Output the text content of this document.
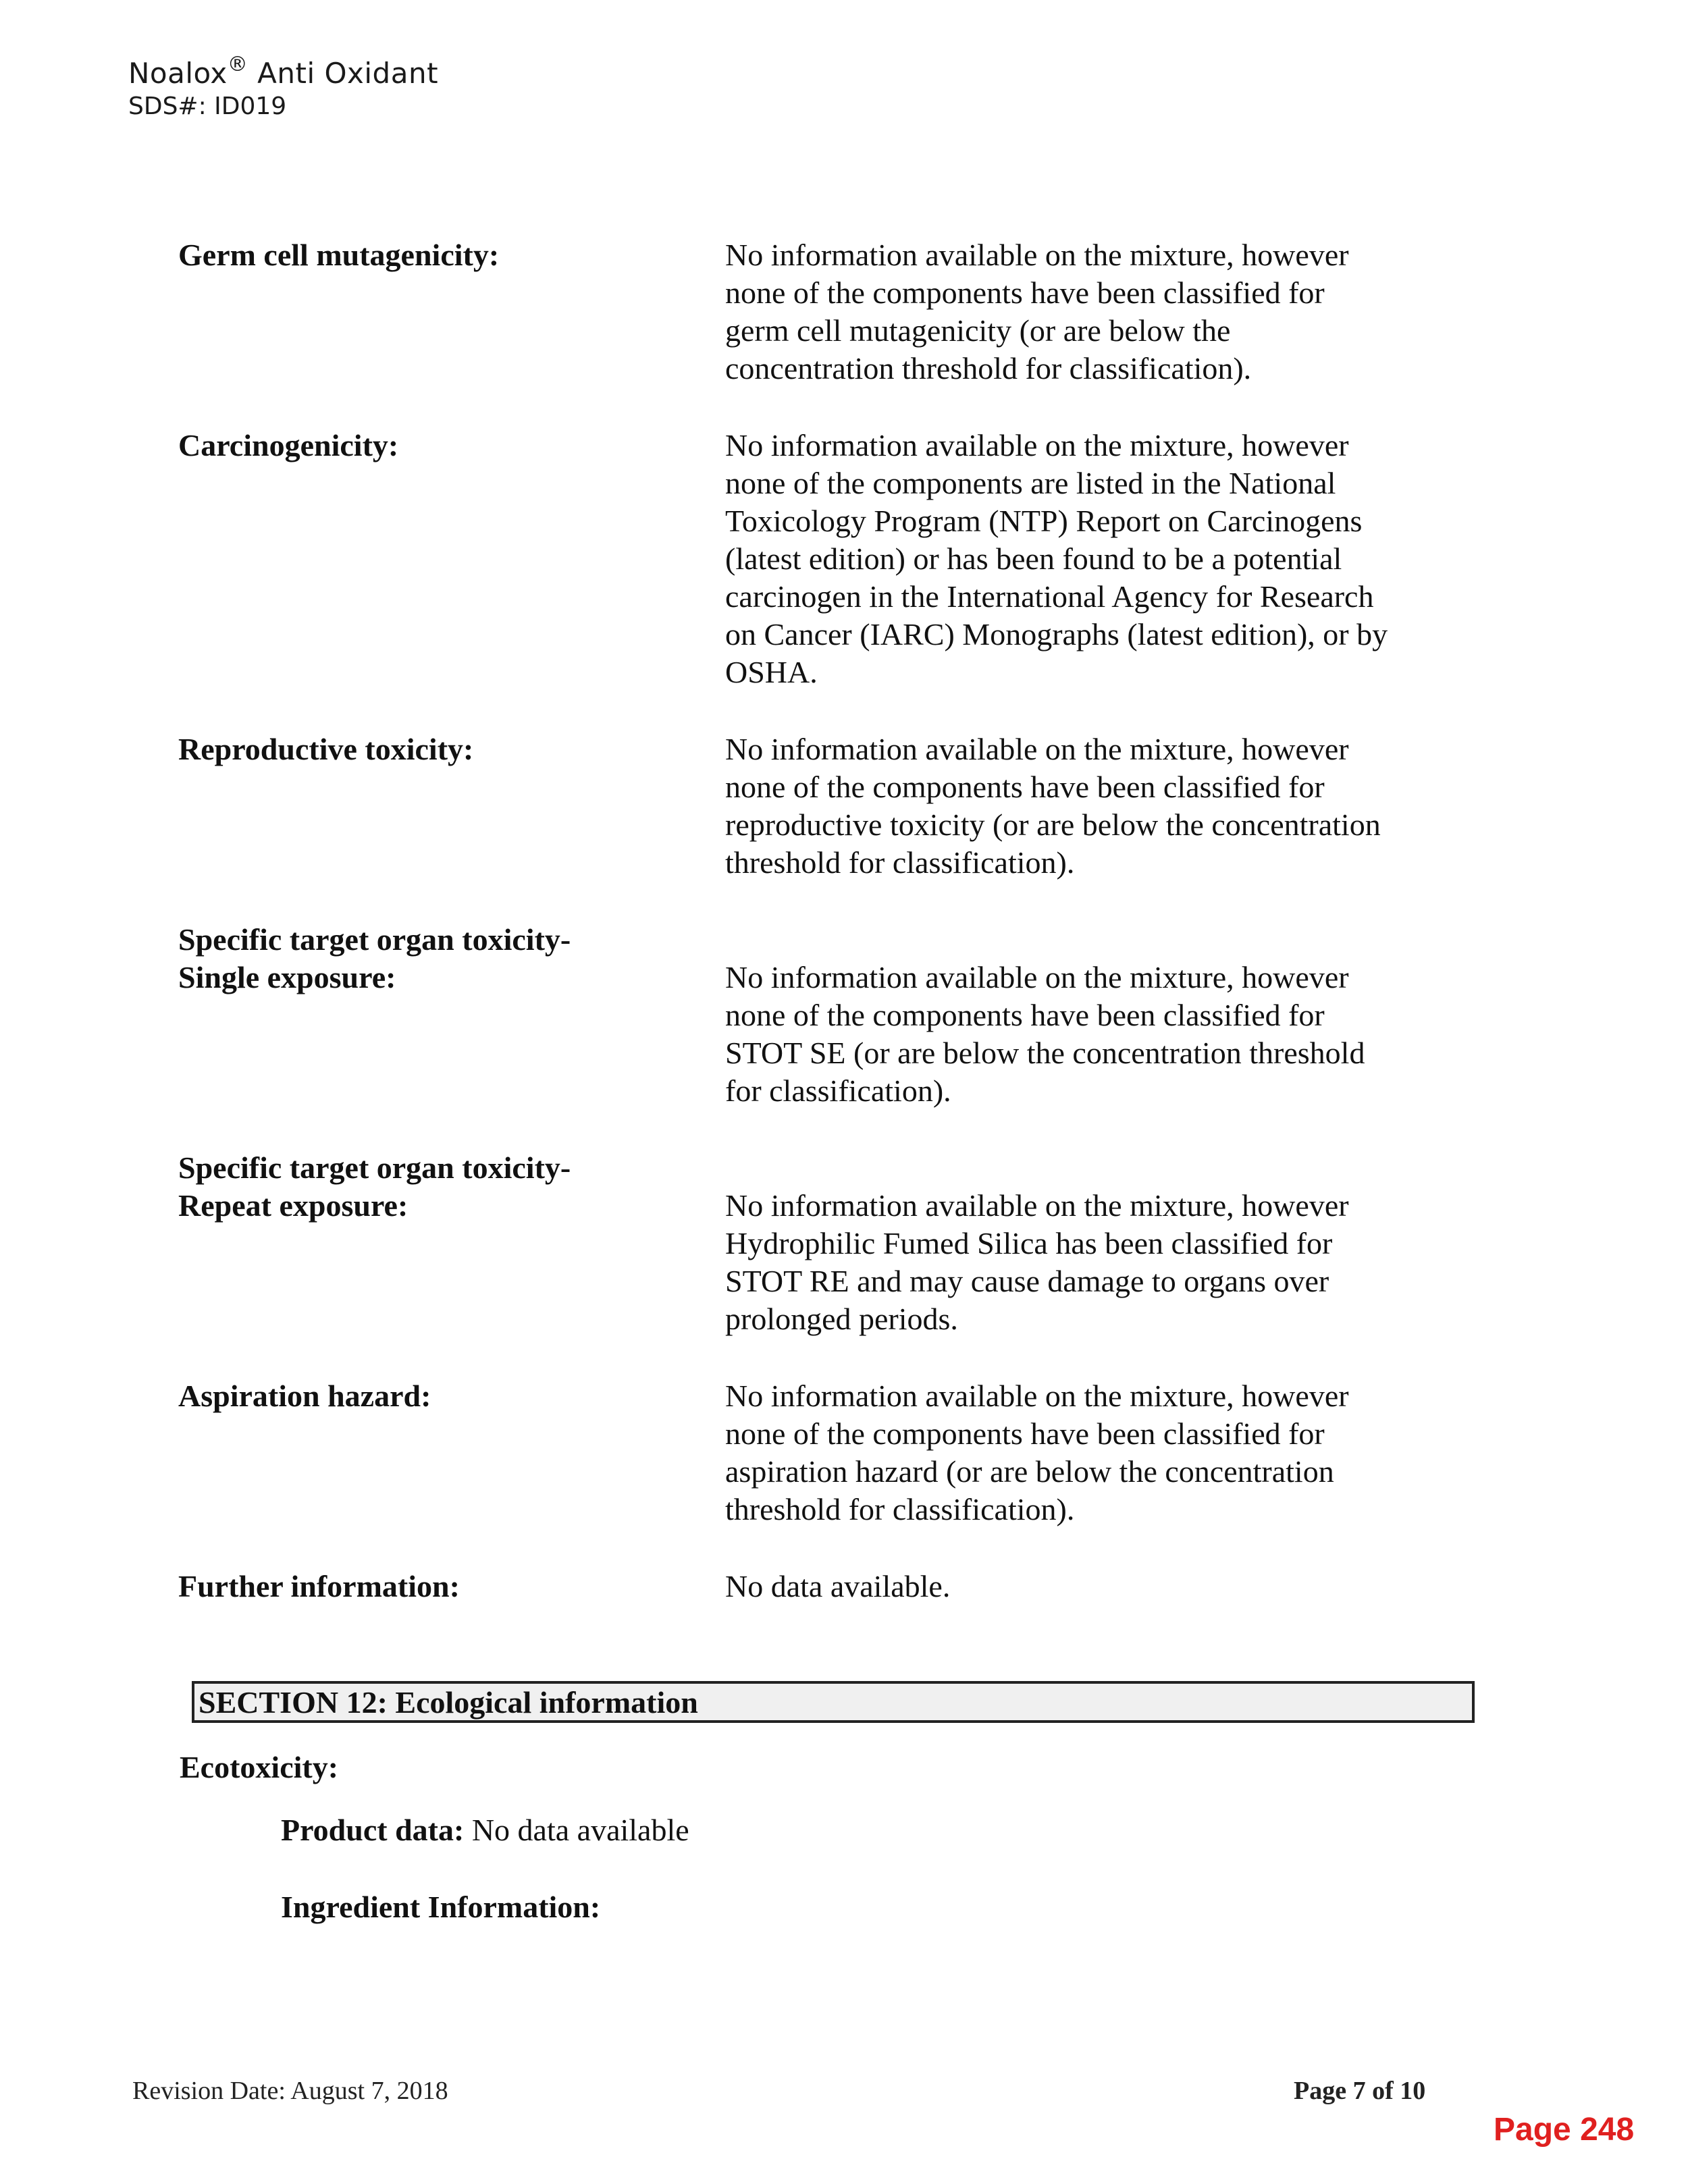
Noalox® Anti Oxidant
SDS#: ID019
Germ cell mutagenicity:	No information available on the mixture, however
none of the components have been classified for
germ cell mutagenicity (or are below the
concentration threshold for classification).
Carcinogenicity:	No information available on the mixture, however
none of the components are listed in the National
Toxicology Program (NTP) Report on Carcinogens
(latest edition) or has been found to be a potential
carcinogen in the International Agency for Research
on Cancer (IARC) Monographs (latest edition), or by
OSHA.
Reproductive toxicity:	No information available on the mixture, however
none of the components have been classified for
reproductive toxicity (or are below the concentration
threshold for classification).
Specific target organ toxicity-
Single exposure:	No information available on the mixture, however
none of the components have been classified for
STOT SE (or are below the concentration threshold
for classification).
Specific target organ toxicity-
Repeat exposure:	No information available on the mixture, however
Hydrophilic Fumed Silica has been classified for
STOT RE and may cause damage to organs over
prolonged periods.
Aspiration hazard:	No information available on the mixture, however
none of the components have been classified for
aspiration hazard (or are below the concentration
threshold for classification).
Further information:	No data available.
SECTION 12: Ecological information
Ecotoxicity:
Product data: No data available
Ingredient Information:
Revision Date: August 7, 2018	Page 7 of 10
Page 248
